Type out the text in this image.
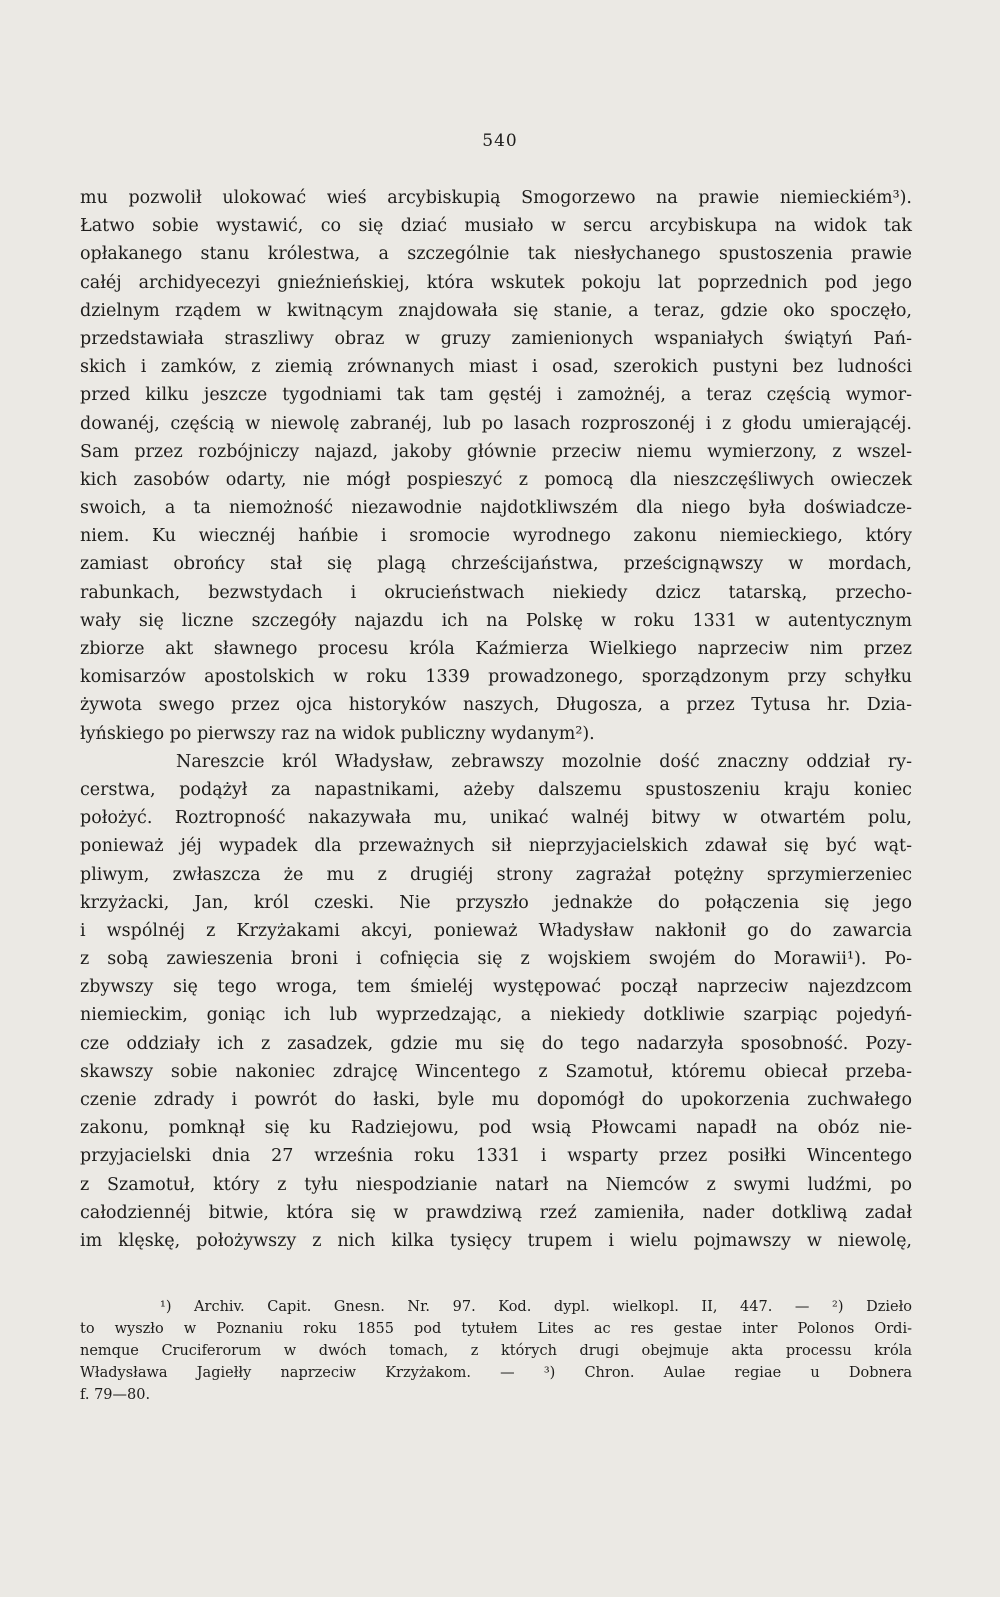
540
mu pozwolił ulokować wieś arcybiskupią Smogorzewo na prawie niemieckiém³).
Łatwo sobie wystawić, co się dziać musiało w sercu arcybiskupa na widok tak
opłakanego stanu królestwa, a szczególnie tak niesłychanego spustoszenia prawie
całéj archidyecezyi gnieźnieńskiej, która wskutek pokoju lat poprzednich pod jego
dzielnym rządem w kwitnącym znajdowała się stanie, a teraz, gdzie oko spoczęło,
przedstawiała straszliwy obraz w gruzy zamienionych wspaniałych świątyń Pań-
skich i zamków, z ziemią zrównanych miast i osad, szerokich pustyni bez ludności
przed kilku jeszcze tygodniami tak tam gęstéj i zamożnéj, a teraz częścią wymor-
dowanéj, częścią w niewolę zabranéj, lub po lasach rozproszonéj i z głodu umierającéj.
Sam przez rozbójniczy najazd, jakoby głównie przeciw niemu wymierzony, z wszel-
kich zasobów odarty, nie mógł pospieszyć z pomocą dla nieszczęśliwych owieczek
swoich, a ta niemożność niezawodnie najdotkliwszém dla niego była doświadcze-
niem. Ku wiecznéj hańbie i sromocie wyrodnego zakonu niemieckiego, który
zamiast obrońcy stał się plagą chrześcijaństwa, prześcignąwszy w mordach,
rabunkach, bezwstydach i okrucieństwach niekiedy dzicz tatarską, przecho-
wały się liczne szczegóły najazdu ich na Polskę w roku 1331 w autentycznym
zbiorze akt sławnego procesu króla Kaźmierza Wielkiego naprzeciw nim przez
komisarzów apostolskich w roku 1339 prowadzonego, sporządzonym przy schyłku
żywota swego przez ojca historyków naszych, Długosza, a przez Tytusa hr. Dzia-
łyńskiego po pierwszy raz na widok publiczny wydanym²).
Nareszcie król Władysław, zebrawszy mozolnie dość znaczny oddział ry-
cerstwa, podążył za napastnikami, ażeby dalszemu spustoszeniu kraju koniec
położyć. Roztropność nakazywała mu, unikać walnéj bitwy w otwartém polu,
ponieważ jéj wypadek dla przeważnych sił nieprzyjacielskich zdawał się być wąt-
pliwym, zwłaszcza że mu z drugiéj strony zagrażał potężny sprzymierzeniec
krzyżacki, Jan, król czeski. Nie przyszło jednakże do połączenia się jego
i wspólnéj z Krzyżakami akcyi, ponieważ Władysław nakłonił go do zawarcia
z sobą zawieszenia broni i cofnięcia się z wojskiem swojém do Morawii¹). Po-
zbywszy się tego wroga, tem śmieléj występować począł naprzeciw najezdzcom
niemieckim, goniąc ich lub wyprzedzając, a niekiedy dotkliwie szarpiąc pojedyń-
cze oddziały ich z zasadzek, gdzie mu się do tego nadarzyła sposobność. Pozy-
skawszy sobie nakoniec zdrajcę Wincentego z Szamotuł, któremu obiecał przeba-
czenie zdrady i powrót do łaski, byle mu dopomógł do upokorzenia zuchwałego
zakonu, pomknął się ku Radziejowu, pod wsią Płowcami napadł na obóz nie-
przyjacielski dnia 27 września roku 1331 i wsparty przez posiłki Wincentego
z Szamotuł, który z tyłu niespodzianie natarł na Niemców z swymi ludźmi, po
całodziennéj bitwie, która się w prawdziwą rzeź zamieniła, nader dotkliwą zadał
im klęskę, położywszy z nich kilka tysięcy trupem i wielu pojmawszy w niewolę,
¹) Archiv. Capit. Gnesn. Nr. 97. Kod. dypl. wielkopl. II, 447. — ²) Dzieło
to wyszło w Poznaniu roku 1855 pod tytułem Lites ac res gestae inter Polonos Ordi-
nemque Cruciferorum w dwóch tomach, z których drugi obejmuje akta processu króla
Władysława Jagiełły naprzeciw Krzyżakom. — ³) Chron. Aulae regiae u Dobnera
f. 79—80.
